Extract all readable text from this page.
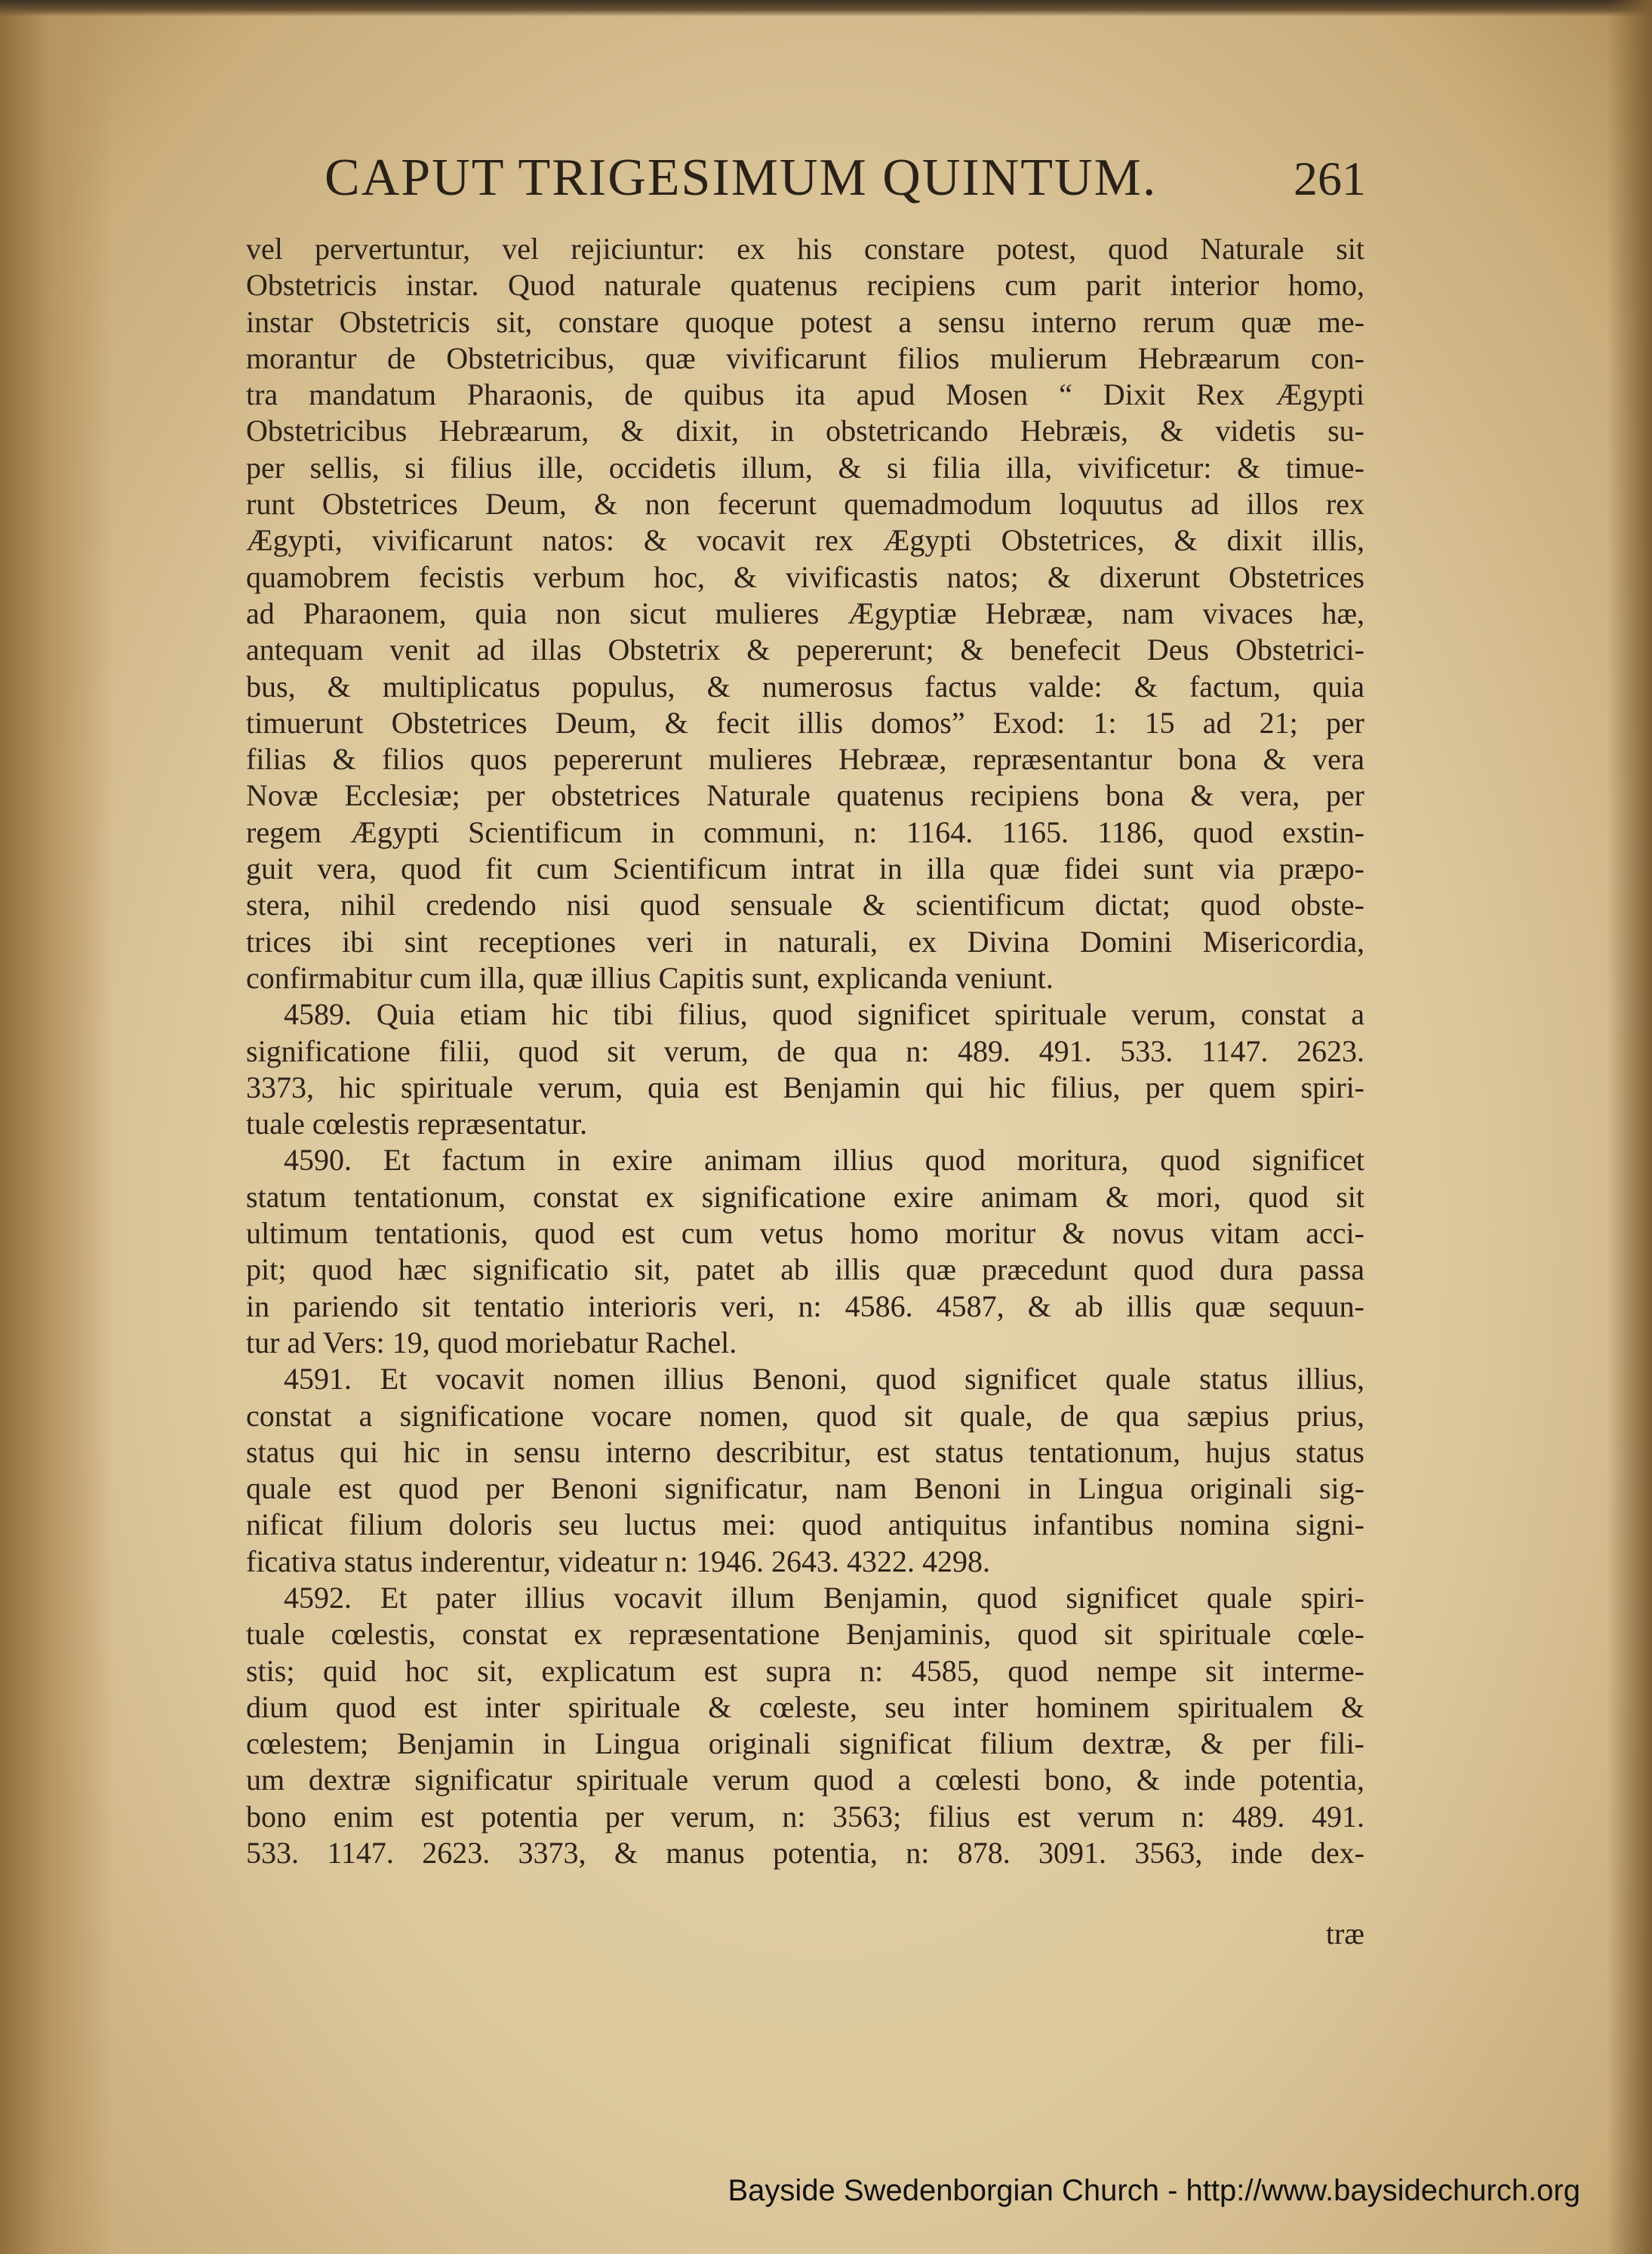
CAPUT TRIGESIMUM QUINTUM.	261
vel pervertuntur, vel rejiciuntur: ex his constare potest, quod Naturale sit
Obstetricis instar. Quod naturale quatenus recipiens cum parit interior homo,
instar Obstetricis sit, constare quoque potest a sensu interno rerum quæ me-
morantur de Obstetricibus, quæ vivificarunt filios mulierum Hebræarum con-
tra mandatum Pharaonis, de quibus ita apud Mosen “ Dixit Rex Ægypti
Obstetricibus Hebræarum, & dixit, in obstetricando Hebræis, & videtis su-
per sellis, si filius ille, occidetis illum, & si filia illa, vivificetur: & timue-
runt Obstetrices Deum, & non fecerunt quemadmodum loquutus ad illos rex
Ægypti, vivificarunt natos: & vocavit rex Ægypti Obstetrices, & dixit illis,
quamobrem fecistis verbum hoc, & vivificastis natos; & dixerunt Obstetrices
ad Pharaonem, quia non sicut mulieres Ægyptiæ Hebrææ, nam vivaces hæ,
antequam venit ad illas Obstetrix & pepererunt; & benefecit Deus Obstetrici-
bus, & multiplicatus populus, & numerosus factus valde: & factum, quia
timuerunt Obstetrices Deum, & fecit illis domos” Exod: 1: 15 ad 21; per
filias & filios quos pepererunt mulieres Hebrææ, repræsentantur bona & vera
Novæ Ecclesiæ; per obstetrices Naturale quatenus recipiens bona & vera, per
regem Ægypti Scientificum in communi, n: 1164. 1165. 1186, quod exstin-
guit vera, quod fit cum Scientificum intrat in illa quæ fidei sunt via præpo-
stera, nihil credendo nisi quod sensuale & scientificum dictat; quod obste-
trices ibi sint receptiones veri in naturali, ex Divina Domini Misericordia,
confirmabitur cum illa, quæ illius Capitis sunt, explicanda veniunt.
4589. Quia etiam hic tibi filius, quod significet spirituale verum, constat a
significatione filii, quod sit verum, de qua n: 489. 491. 533. 1147. 2623.
3373, hic spirituale verum, quia est Benjamin qui hic filius, per quem spiri-
tuale cœlestis repræsentatur.
4590. Et factum in exire animam illius quod moritura, quod significet
statum tentationum, constat ex significatione exire animam & mori, quod sit
ultimum tentationis, quod est cum vetus homo moritur & novus vitam acci-
pit; quod hæc significatio sit, patet ab illis quæ præcedunt quod dura passa
in pariendo sit tentatio interioris veri, n: 4586. 4587, & ab illis quæ sequun-
tur ad Vers: 19, quod moriebatur Rachel.
4591. Et vocavit nomen illius Benoni, quod significet quale status illius,
constat a significatione vocare nomen, quod sit quale, de qua sæpius prius,
status qui hic in sensu interno describitur, est status tentationum, hujus status
quale est quod per Benoni significatur, nam Benoni in Lingua originali sig-
nificat filium doloris seu luctus mei: quod antiquitus infantibus nomina signi-
ficativa status inderentur, videatur n: 1946. 2643. 4322. 4298.
4592. Et pater illius vocavit illum Benjamin, quod significet quale spiri-
tuale cœlestis, constat ex repræsentatione Benjaminis, quod sit spirituale cœle-
stis; quid hoc sit, explicatum est supra n: 4585, quod nempe sit interme-
dium quod est inter spirituale & cœleste, seu inter hominem spiritualem &
cœlestem; Benjamin in Lingua originali significat filium dextræ, & per fili-
um dextræ significatur spirituale verum quod a cœlesti bono, & inde potentia,
bono enim est potentia per verum, n: 3563; filius est verum n: 489. 491.
533. 1147. 2623. 3373, & manus potentia, n: 878. 3091. 3563, inde dex-
træ
Bayside Swedenborgian Church - http://www.baysidechurch.org
